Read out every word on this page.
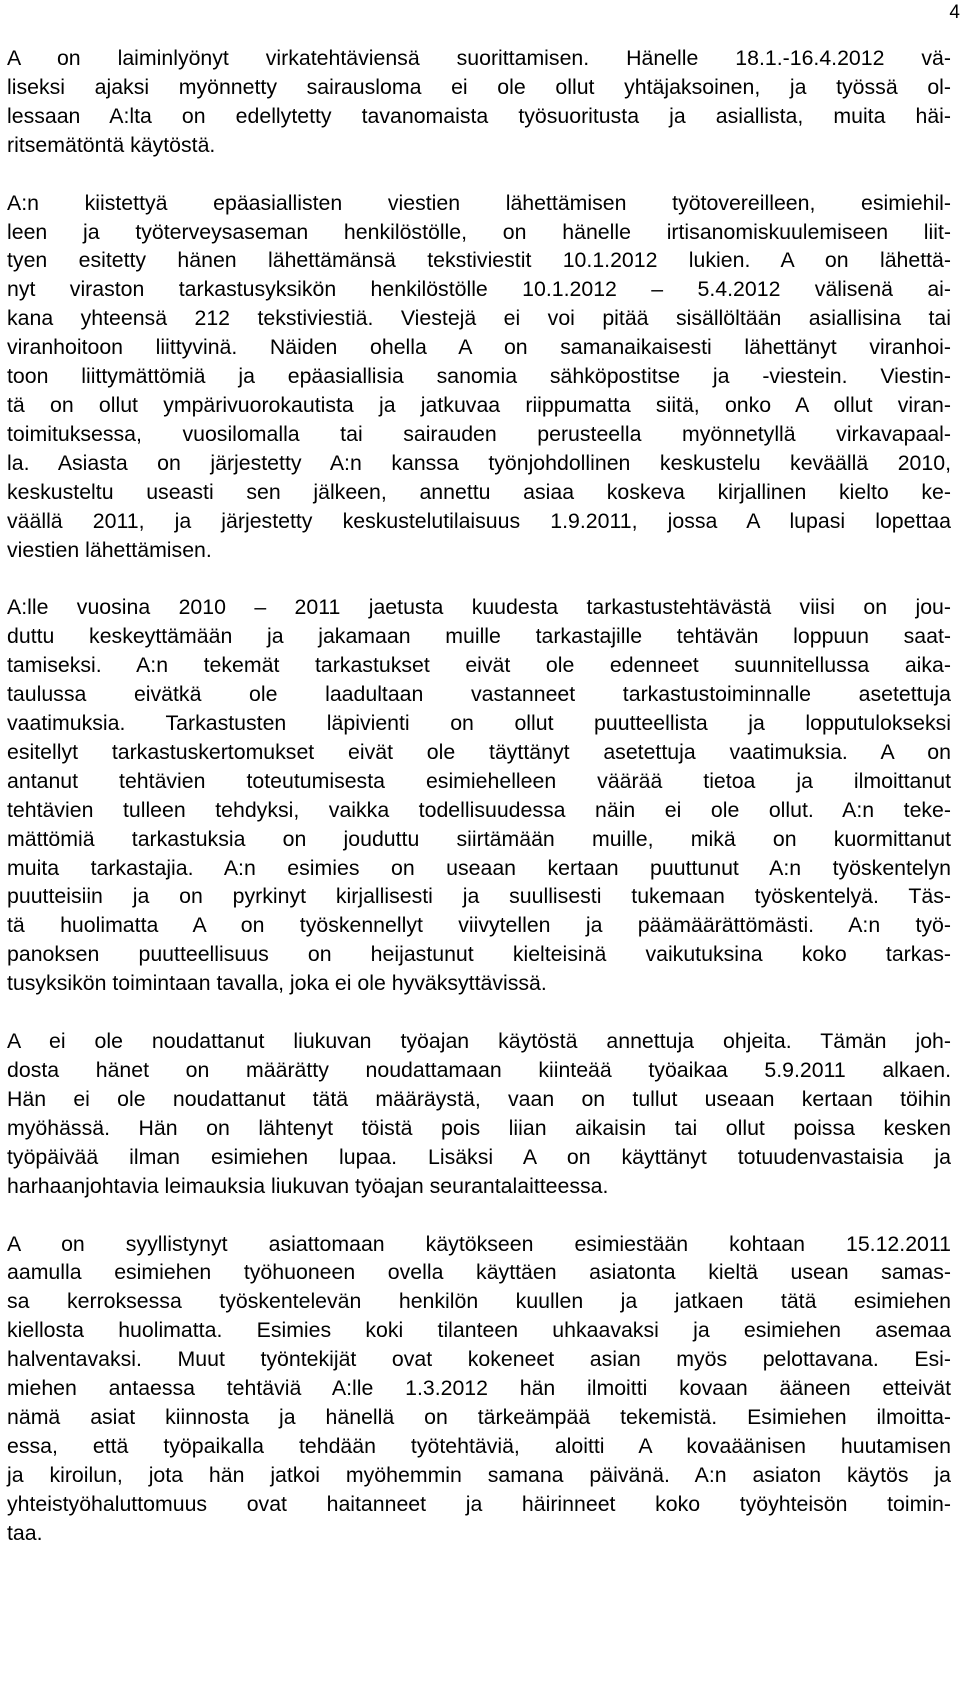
4

A on laiminlyönyt virkatehtäviensä suorittamisen. Hänelle 18.1.-16.4.2012 vä-
liseksi ajaksi myönnetty sairausloma ei ole ollut yhtäjaksoinen, ja työssä ol-
lessaan A:lta on edellytetty tavanomaista työsuoritusta ja asiallista, muita häi-
ritsemätöntä käytöstä.

A:n kiistettyä epäasiallisten viestien lähettämisen työtovereilleen, esimiehil-
leen ja työterveysaseman henkilöstölle, on hänelle irtisanomiskuulemiseen liit-
tyen esitetty hänen lähettämänsä tekstiviestit 10.1.2012 lukien. A on lähettä-
nyt viraston tarkastusyksikön henkilöstölle 10.1.2012 – 5.4.2012 välisenä ai-
kana yhteensä 212 tekstiviestiä. Viestejä ei voi pitää sisällöltään asiallisina tai
viranhoitoon liittyvinä. Näiden ohella A on samanaikaisesti lähettänyt viranhoi-
toon liittymättömiä ja epäasiallisia sanomia sähköpostitse ja -viestein. Viestin-
tä on ollut ympärivuorokautista ja jatkuvaa riippumatta siitä, onko A ollut viran-
toimituksessa, vuosilomalla tai sairauden perusteella myönnetyllä virkavapaal-
la. Asiasta on järjestetty A:n kanssa työnjohdollinen keskustelu keväällä 2010,
keskusteltu useasti sen jälkeen, annettu asiaa koskeva kirjallinen kielto ke-
väällä 2011, ja järjestetty keskustelutilaisuus 1.9.2011, jossa A lupasi lopettaa
viestien lähettämisen.

A:lle vuosina 2010 – 2011 jaetusta kuudesta tarkastustehtävästä viisi on jou-
duttu keskeyttämään ja jakamaan muille tarkastajille tehtävän loppuun saat-
tamiseksi. A:n tekemät tarkastukset eivät ole edenneet suunnitellussa aika-
taulussa eivätkä ole laadultaan vastanneet tarkastustoiminnalle asetettuja
vaatimuksia. Tarkastusten läpivienti on ollut puutteellista ja lopputulokseksi
esitellyt tarkastuskertomukset eivät ole täyttänyt asetettuja vaatimuksia. A on
antanut tehtävien toteutumisesta esimiehelleen väärää tietoa ja ilmoittanut
tehtävien tulleen tehdyksi, vaikka todellisuudessa näin ei ole ollut. A:n teke-
mättömiä tarkastuksia on jouduttu siirtämään muille, mikä on kuormittanut
muita tarkastajia. A:n esimies on useaan kertaan puuttunut A:n työskentelyn
puutteisiin ja on pyrkinyt kirjallisesti ja suullisesti tukemaan työskentelyä. Täs-
tä huolimatta A on työskennellyt viivytellen ja päämäärättömästi. A:n työ-
panoksen puutteellisuus on heijastunut kielteisinä vaikutuksina koko tarkas-
tusyksikön toimintaan tavalla, joka ei ole hyväksyttävissä.

A ei ole noudattanut liukuvan työajan käytöstä annettuja ohjeita. Tämän joh-
dosta hänet on määrätty noudattamaan kiinteää työaikaa 5.9.2011 alkaen.
Hän ei ole noudattanut tätä määräystä, vaan on tullut useaan kertaan töihin
myöhässä. Hän on lähtenyt töistä pois liian aikaisin tai ollut poissa kesken
työpäivää ilman esimiehen lupaa. Lisäksi A on käyttänyt totuudenvastaisia ja
harhaanjohtavia leimauksia liukuvan työajan seurantalaitteessa.

A on syyllistynyt asiattomaan käytökseen esimiestään kohtaan 15.12.2011
aamulla esimiehen työhuoneen ovella käyttäen asiatonta kieltä usean samas-
sa kerroksessa työskentelevän henkilön kuullen ja jatkaen tätä esimiehen
kiellosta huolimatta. Esimies koki tilanteen uhkaavaksi ja esimiehen asemaa
halventavaksi. Muut työntekijät ovat kokeneet asian myös pelottavana. Esi-
miehen antaessa tehtäviä A:lle 1.3.2012 hän ilmoitti kovaan ääneen etteivät
nämä asiat kiinnosta ja hänellä on tärkeämpää tekemistä. Esimiehen ilmoitta-
essa, että työpaikalla tehdään työtehtäviä, aloitti A kovaäänisen huutamisen
ja kiroilun, jota hän jatkoi myöhemmin samana päivänä. A:n asiaton käytös ja
yhteistyöhaluttomuus ovat haitanneet ja häirinneet koko työyhteisön toimin-
taa.
